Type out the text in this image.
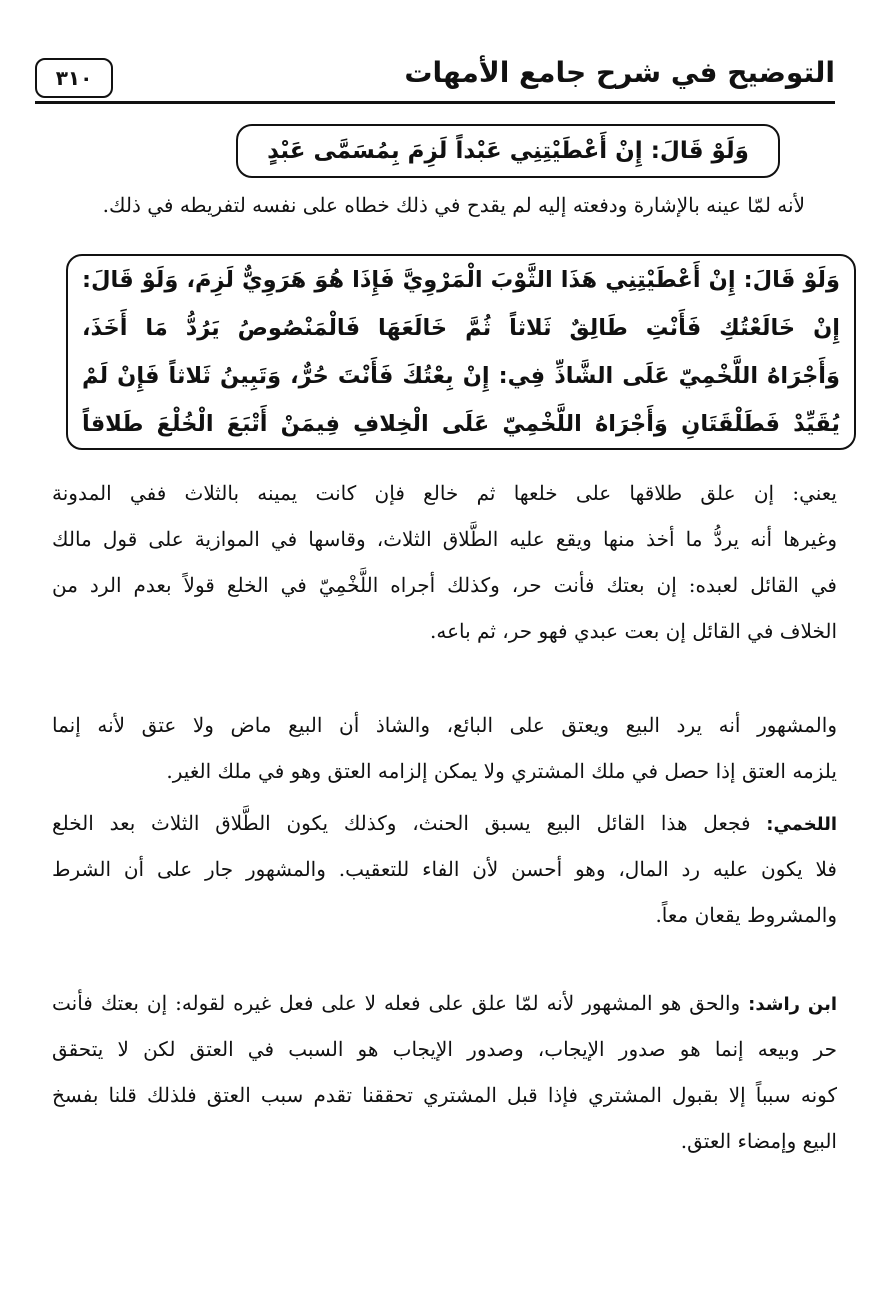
٣١٠	التوضيح في شرح جامع الأمهات
وَلَوْ قَالَ: إِنْ أَعْطَيْتِنِي عَبْداً لَزِمَ بِمُسَمَّى عَبْدٍ
لأنه لمّا عينه بالإشارة ودفعته إليه لم يقدح في ذلك خطاه على نفسه لتفريطه في ذلك.
وَلَوْ قَالَ: إِنْ أَعْطَيْتِنِي هَذَا الثَّوْبَ الْمَرْوِيَّ فَإِذَا هُوَ هَرَوِيٌّ لَزِمَ، وَلَوْ قَالَ:
إِنْ خَالَعْتُكِ فَأَنْتِ طَالِقٌ ثَلاثاً ثُمَّ خَالَعَهَا فَالْمَنْصُوصُ يَرُدُّ مَا أَخَذَ،
وَأَجْرَاهُ اللَّخْمِيّ عَلَى الشَّاذِّ فِي: إِنْ بِعْتُكَ فَأَنْتَ حُرٌّ، وَتَبِينُ ثَلاثاً فَإِنْ لَمْ
يُقَيِّدْ فَطَلْقَتَانِ وَأَجْرَاهُ اللَّخْمِيّ عَلَى الْخِلافِ فِيمَنْ أَتْبَعَ الْخُلْعَ طَلاقاً
يعني: إن علق طلاقها على خلعها ثم خالع فإن كانت يمينه بالثلاث ففي المدونة
وغيرها أنه يردُّ ما أخذ منها ويقع عليه الطَّلاق الثلاث، وقاسها في الموازية على قول مالك
في القائل لعبده: إن بعتك فأنت حر، وكذلك أجراه اللَّخْمِيّ في الخلع قولاً بعدم الرد من
الخلاف في القائل إن بعت عبدي فهو حر، ثم باعه.
والمشهور أنه يرد البيع ويعتق على البائع، والشاذ أن البيع ماض ولا عتق لأنه إنما
يلزمه العتق إذا حصل في ملك المشتري ولا يمكن إلزامه العتق وهو في ملك الغير.
اللخمي: فجعل هذا القائل البيع يسبق الحنث، وكذلك يكون الطَّلاق الثلاث بعد الخلع
فلا يكون عليه رد المال، وهو أحسن لأن الفاء للتعقيب. والمشهور جار على أن الشرط
والمشروط يقعان معاً.
ابن راشد: والحق هو المشهور لأنه لمّا علق على فعله لا على فعل غيره لقوله: إن بعتك فأنت
حر وبيعه إنما هو صدور الإيجاب، وصدور الإيجاب هو السبب في العتق لكن لا يتحقق
كونه سبباً إلا بقبول المشتري فإذا قبل المشتري تحققنا تقدم سبب العتق فلذلك قلنا بفسخ
البيع وإمضاء العتق.
